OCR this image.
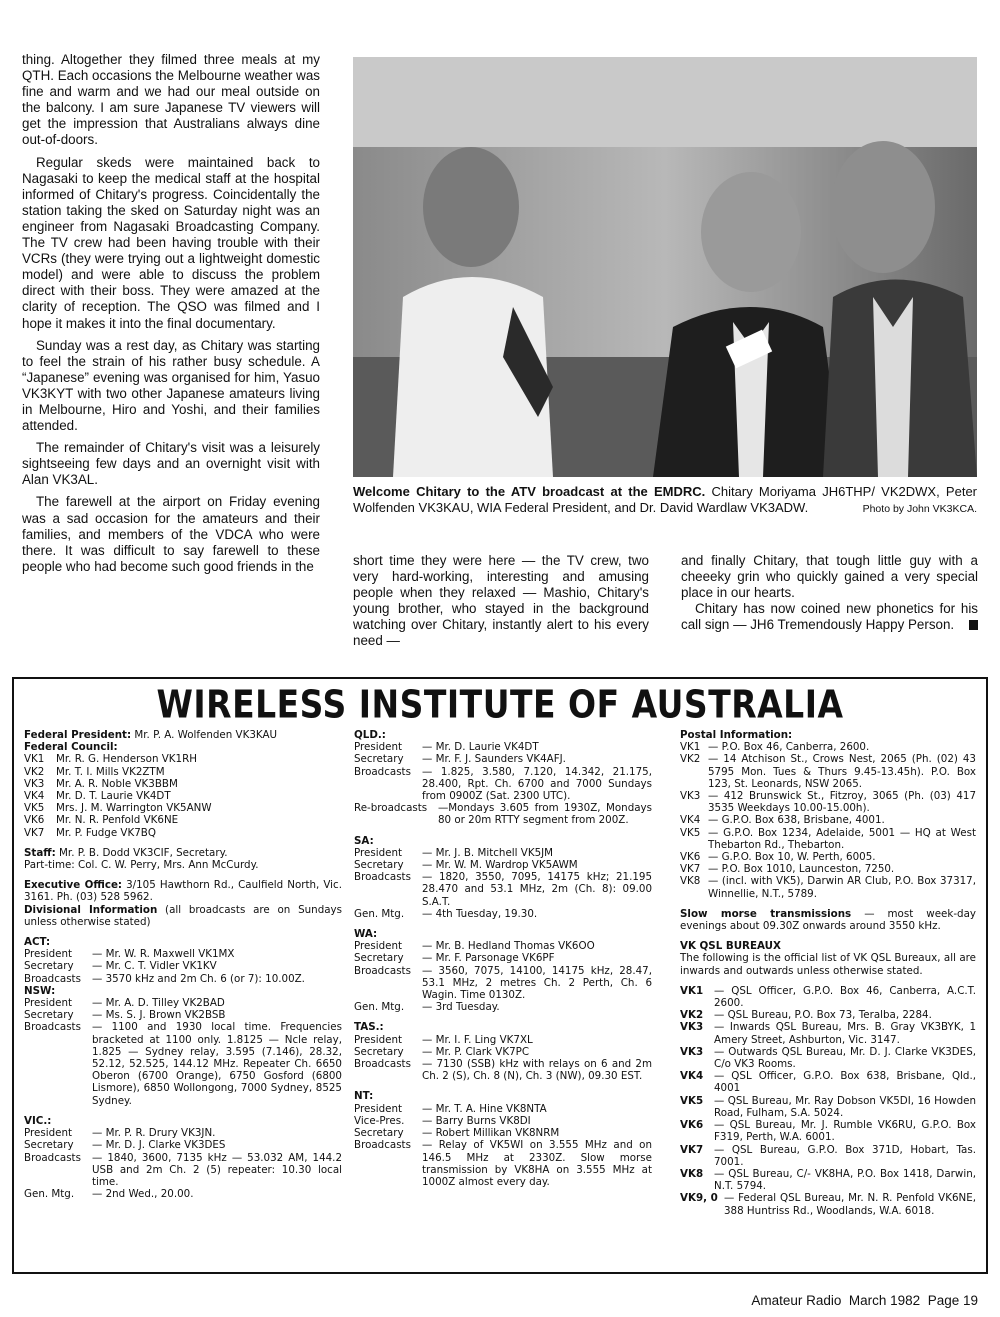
thing. Altogether they filmed three meals at my QTH. Each occasions the Melbourne weather was fine and warm and we had our meal outside on the balcony. I am sure Japanese TV viewers will get the impression that Australians always dine out-of-doors.

Regular skeds were maintained back to Nagasaki to keep the medical staff at the hospital informed of Chitary's progress. Coincidentally the station taking the sked on Saturday night was an engineer from Nagasaki Broadcasting Company. The TV crew had been having trouble with their VCRs (they were trying out a lightweight domestic model) and were able to discuss the problem direct with their boss. They were amazed at the clarity of reception. The QSO was filmed and I hope it makes it into the final documentary.

Sunday was a rest day, as Chitary was starting to feel the strain of his rather busy schedule. A “Japanese” evening was organised for him, Yasuo VK3KYT with two other Japanese amateurs living in Melbourne, Hiro and Yoshi, and their families attended.

The remainder of Chitary's visit was a leisurely sightseeing few days and an overnight visit with Alan VK3AL.

The farewell at the airport on Friday evening was a sad occasion for the amateurs and their families, and members of the VDCA who were there. It was difficult to say farewell to these people who had become such good friends in the

Welcome Chitary to the ATV broadcast at the EMDRC. Chitary Moriyama JH6THP/ VK2DWX, Peter Wolfenden VK3KAU, WIA Federal President, and Dr. David Wardlaw VK3ADW.	Photo by John VK3KCA.

short time they were here — the TV crew, two very hard-working, interesting and amusing people when they relaxed — Mashio, Chitary's young brother, who stayed in the background watching over Chitary, instantly alert to his every need —

and finally Chitary, that tough little guy with a cheeeky grin who quickly gained a very special place in our hearts.

Chitary has now coined new phonetics for his call sign — JH6 Tremendously Happy Person.

WIRELESS INSTITUTE OF AUSTRALIA
Federal President: Mr. P. A. Wolfenden VK3KAU
Federal Council:
VK1	Mr. R. G. Henderson VK1RH
VK2	Mr. T. I. Mills VK2ZTM
VK3	Mr. A. R. Noble VK3BBM
VK4	Mr. D. T. Laurie VK4DT
VK5	Mrs. J. M. Warrington VK5ANW
VK6	Mr. N. R. Penfold VK6NE
VK7	Mr. P. Fudge VK7BQ
Staff: Mr. P. B. Dodd VK3CIF, Secretary.
Part-time: Col. C. W. Perry, Mrs. Ann McCurdy.
Executive Office: 3/105 Hawthorn Rd., Caulfield North, Vic. 3161. Ph. (03) 528 5962.
Divisional Information (all broadcasts are on Sundays unless otherwise stated)
ACT:
President	— Mr. W. R. Maxwell VK1MX
Secretary	— Mr. C. T. Vidler VK1KV
Broadcasts	— 3570 kHz and 2m Ch. 6 (or 7): 10.00Z.
NSW:
President	— Mr. A. D. Tilley VK2BAD
Secretary	— Ms. S. J. Brown VK2BSB
Broadcasts	— 1100 and 1930 local time. Frequencies bracketed at 1100 only. 1.8125 — Ncle relay, 1.825 — Sydney relay, 3.595 (7.146), 28.32, 52.12, 52.525, 144.12 MHz. Repeater Ch. 6650 Oberon (6700 Orange), 6750 Gosford (6800 Lismore), 6850 Wollongong, 7000 Sydney, 8525 Sydney.
VIC.:
President	— Mr. P. R. Drury VK3JN.
Secretary	— Mr. D. J. Clarke VK3DES
Broadcasts	— 1840, 3600, 7135 kHz — 53.032 AM, 144.2 USB and 2m Ch. 2 (5) repeater: 10.30 local time.
Gen. Mtg.	— 2nd Wed., 20.00.
QLD.:
President	— Mr. D. Laurie VK4DT
Secretary	— Mr. F. J. Saunders VK4AFJ.
Broadcasts	— 1.825, 3.580, 7.120, 14.342, 21.175, 28.400, Rpt. Ch. 6700 and 7000 Sundays from 0900Z (Sat. 2300 UTC).
Re-broadcasts	—Mondays 3.605 from 1930Z, Mondays 80 or 20m RTTY segment from 200Z.
SA:
President	— Mr. J. B. Mitchell VK5JM
Secretary	— Mr. W. M. Wardrop VK5AWM
Broadcasts	— 1820, 3550, 7095, 14175 kHz; 21.195 28.470 and 53.1 MHz, 2m (Ch. 8): 09.00 S.A.T.
Gen. Mtg.	— 4th Tuesday, 19.30.
WA:
President	— Mr. B. Hedland Thomas VK6OO
Secretary	— Mr. F. Parsonage VK6PF
Broadcasts	— 3560, 7075, 14100, 14175 kHz, 28.47, 53.1 MHz, 2 metres Ch. 2 Perth, Ch. 6 Wagin. Time 0130Z.
Gen. Mtg.	— 3rd Tuesday.
TAS.:
President	— Mr. I. F. Ling VK7XL
Secretary	— Mr. P. Clark VK7PC
Broadcasts	— 7130 (SSB) kHz with relays on 6 and 2m Ch. 2 (S), Ch. 8 (N), Ch. 3 (NW), 09.30 EST.
NT:
President	— Mr. T. A. Hine VK8NTA
Vice-Pres.	— Barry Burns VK8DI
Secretary	— Robert Millikan VK8NRM
Broadcasts	— Relay of VK5WI on 3.555 MHz and on 146.5 MHz at 2330Z. Slow morse transmission by VK8HA on 3.555 MHz at 1000Z almost every day.
Postal Information:
VK1 — P.O. Box 46, Canberra, 2600.
VK2 — 14 Atchison St., Crows Nest, 2065 (Ph. (02) 43 5795 Mon. Tues & Thurs 9.45-13.45h). P.O. Box 123, St. Leonards, NSW 2065.
VK3 — 412 Brunswick St., Fitzroy, 3065 (Ph. (03) 417 3535 Weekdays 10.00-15.00h).
VK4 — G.P.O. Box 638, Brisbane, 4001.
VK5 — G.P.O. Box 1234, Adelaide, 5001 — HQ at West Thebarton Rd., Thebarton.
VK6 — G.P.O. Box 10, W. Perth, 6005.
VK7 — P.O. Box 1010, Launceston, 7250.
VK8 — (incl. with VK5), Darwin AR Club, P.O. Box 37317, Winnellie, N.T., 5789.
Slow morse transmissions — most week-day evenings about 09.30Z onwards around 3550 kHz.
VK QSL BUREAUX
The following is the official list of VK QSL Bureaux, all are inwards and outwards unless otherwise stated.
VK1	— QSL Officer, G.P.O. Box 46, Canberra, A.C.T. 2600.
VK2	— QSL Bureau, P.O. Box 73, Teralba, 2284.
VK3	— Inwards QSL Bureau, Mrs. B. Gray VK3BYK, 1 Amery Street, Ashburton, Vic. 3147.
VK3	— Outwards QSL Bureau, Mr. D. J. Clarke VK3DES, C/o VK3 Rooms.
VK4	— QSL Officer, G.P.O. Box 638, Brisbane, Qld., 4001
VK5	— QSL Bureau, Mr. Ray Dobson VK5DI, 16 Howden Road, Fulham, S.A. 5024.
VK6	— QSL Bureau, Mr. J. Rumble VK6RU, G.P.O. Box F319, Perth, W.A. 6001.
VK7	— QSL Bureau, G.P.O. Box 371D, Hobart, Tas. 7001.
VK8	— QSL Bureau, C/- VK8HA, P.O. Box 1418, Darwin, N.T. 5794.
VK9, 0 — Federal QSL Bureau, Mr. N. R. Penfold VK6NE, 388 Huntriss Rd., Woodlands, W.A. 6018.
Amateur Radio March 1982 Page 19
